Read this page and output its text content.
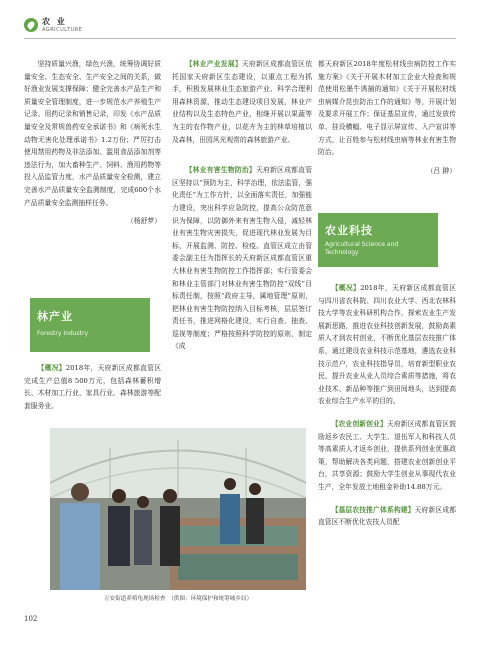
农 业
AGRICULTURE

坚持质量兴渔，绿色兴渔，统筹协调好质量安全、生态安全、生产安全之间的关系，做好渔业发展支撑保障；健全完善水产品生产和质量安全管理制度，进一步规范水产养殖生产记录、用药记录和销售记录，印发《水产品质量安全及常规兽药安全承诺书》和《病死水生动物无害化处理承诺书》1.2万份；严厉打击使用禁用药物及非法添加、滥用食品添加剂等违法行为，加大畜种生产、饲料、渔用药物等投入品监管力度，水产品质量安全检测，建立完善水产品质量安全监测制度，完成600个水产品质量安全监测抽样任务。

（杨舒梦）

林产业
Forestry Industry

【概况】2018年，天府新区成都直管区完成生产总值8 500万元，包括森林蓄积增长、木材加工行业、家具行业、森林旅游等配套服务业。

【林业产业发展】天府新区成都直管区依托国家天府新区生态建设，以重点工程为抓手，积极发展林业生态旅游产业、科学合理利用森林资源，推动生态建设项目发展，林业产业结构以及生态特色产业，相继开展以果蔬等为主的农作物产业，以花卉为主的林草培植以及森林，田园风光观赏的森林旅游产业。

【林业有害生物防治】天府新区成都直管区坚持以“预防为主，科学治理，依法监管，强化责任”为工作方针，以全面落实责任，加强能力建设，突出科学应急防控，提高公众防范意识为保障，以防御外来有害生物入侵，减轻林业有害生物灾害损失，促进现代林业发展为目标，开展监测、防控、检疫。直管区成立由管委会副主任为指挥长的天府新区成都直管区重大林业有害生物防控工作指挥部；实行管委会和林业主管部门对林业有害生物防控“双线”目标责任制，按照“政府主导，属地管理”原则，把林业有害生物防控纳入目标考核，层层签订责任书，推进网格化建设，实行自查、抽查、巡视等制度；严格按照科学防控的原则，制定《成

都天府新区2018年度松材线虫病防控工作实施方案》《关于开展木材加工企业大检查和规范使用松墨牛诱捕的通知》《关于开展松材线虫病媒介昆虫防治工作的通知》等，开展计划及要求开展工作；保证基层宣传，通过发放传单、挂设横幅、电子显示屏宣传、入户宣讲等方式，让百姓参与松材线虫病等林业有害生物防治。

（吕 翀）

农业科技
Agricultural Science and Technology

【概况】2018年，天府新区成都直管区与四川省农科院、四川农业大学、西北农林科技大学等农业科研机构合作，探索农业生产发展新思路，推进农业科技创新发展，鼓励高素质人才到农村创业，不断优化基层农技推广体系，通过建设农业科技示范基地，遴选农业科技示范户，农业科技指导员，培育新型职业农民，提升农业从业人员综合素质等措施，将农业技术、新品种等推广到田间地头，达到提高农业综合生产水平的目的。

【农业创新创业】天府新区成都直管区鼓励返乡农民工、大学生、退伍军人和科技人员等高素质人才返乡创业，提供系列创业优惠政策，帮助解决各类问题，搭建农业创新创业平台，共享资源；鼓励大学生创业从事现代农业生产，全年发放土地租金补助14.88万元。

【基层农技推广体系构建】天府新区成都直管区不断优化农技人员配

万安街道养殖龟现场检查　（供图：环境保护和统筹城乡局）
102
